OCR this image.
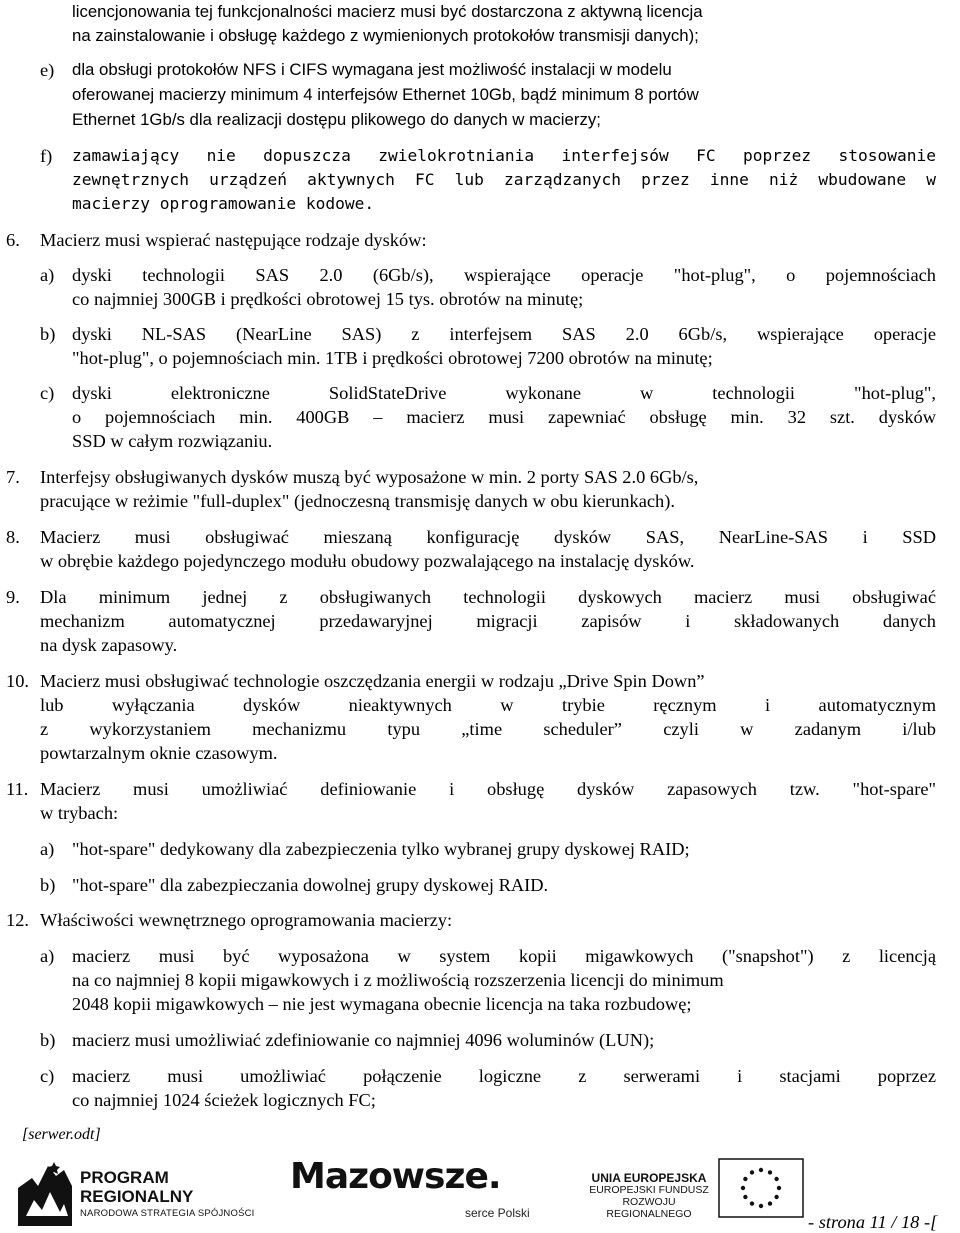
licencjonowania tej funkcjonalności macierz musi być dostarczona z aktywną licencja
na zainstalowanie i obsługę każdego z wymienionych protokołów transmisji danych);
e) dla obsługi protokołów NFS i CIFS wymagana jest możliwość instalacji w modelu
oferowanej macierzy minimum 4 interfejsów Ethernet 10Gb, bądź minimum 8 portów
Ethernet 1Gb/s dla realizacji dostępu plikowego do danych w macierzy;
f) zamawiający nie dopuszcza zwielokrotniania interfejsów FC poprzez stosowanie
zewnętrznych urządzeń aktywnych FC lub zarządzanych przez inne niż wbudowane w
macierzy oprogramowanie kodowe.
6. Macierz musi wspierać następujące rodzaje dysków:
a) dyski technologii SAS 2.0 (6Gb/s), wspierające operacje "hot-plug", o pojemnościach
co najmniej 300GB i prędkości obrotowej 15 tys. obrotów na minutę;
b) dyski NL-SAS (NearLine SAS) z interfejsem SAS 2.0 6Gb/s, wspierające operacje
"hot-plug", o pojemnościach min. 1TB i prędkości obrotowej 7200 obrotów na minutę;
c) dyski elektroniczne SolidStateDrive wykonane w technologii "hot-plug",
o pojemnościach min. 400GB – macierz musi zapewniać obsługę min. 32 szt. dysków
SSD w całym rozwiązaniu.
7. Interfejsy obsługiwanych dysków muszą być wyposażone w min. 2 porty SAS 2.0 6Gb/s,
pracujące w reżimie "full-duplex" (jednoczesną transmisję danych w obu kierunkach).
8. Macierz musi obsługiwać mieszaną konfigurację dysków SAS, NearLine-SAS i SSD
w obrębie każdego pojedynczego modułu obudowy pozwalającego na instalację dysków.
9. Dla minimum jednej z obsługiwanych technologii dyskowych macierz musi obsługiwać
mechanizm automatycznej przedawaryjnej migracji zapisów i składowanych danych
na dysk zapasowy.
10. Macierz musi obsługiwać technologie oszczędzania energii w rodzaju „Drive Spin Down”
lub wyłączania dysków nieaktywnych w trybie ręcznym i automatycznym
z wykorzystaniem mechanizmu typu „time scheduler” czyli w zadanym i/lub
powtarzalnym oknie czasowym.
11. Macierz musi umożliwiać definiowanie i obsługę dysków zapasowych tzw. "hot-spare"
w trybach:
a) "hot-spare" dedykowany dla zabezpieczenia tylko wybranej grupy dyskowej RAID;
b) "hot-spare" dla zabezpieczania dowolnej grupy dyskowej RAID.
12. Właściwości wewnętrznego oprogramowania macierzy:
a) macierz musi być wyposażona w system kopii migawkowych ("snapshot") z licencją
na co najmniej 8 kopii migawkowych i z możliwością rozszerzenia licencji do minimum
2048 kopii migawkowych – nie jest wymagana obecnie licencja na taka rozbudowę;
b) macierz musi umożliwiać zdefiniowanie co najmniej 4096 woluminów (LUN);
c) macierz musi umożliwiać połączenie logiczne z serwerami i stacjami poprzez
co najmniej 1024 ścieżek logicznych FC;
[serwer.odt]
PROGRAM
REGIONALNY
NARODOWA STRATEGIA SPÓJNOŚCI
Mazowsze.
serce Polski
UNIA EUROPEJSKA
EUROPEJSKI FUNDUSZ
ROZWOJU REGIONALNEGO	- strona 11 / 18 -[
